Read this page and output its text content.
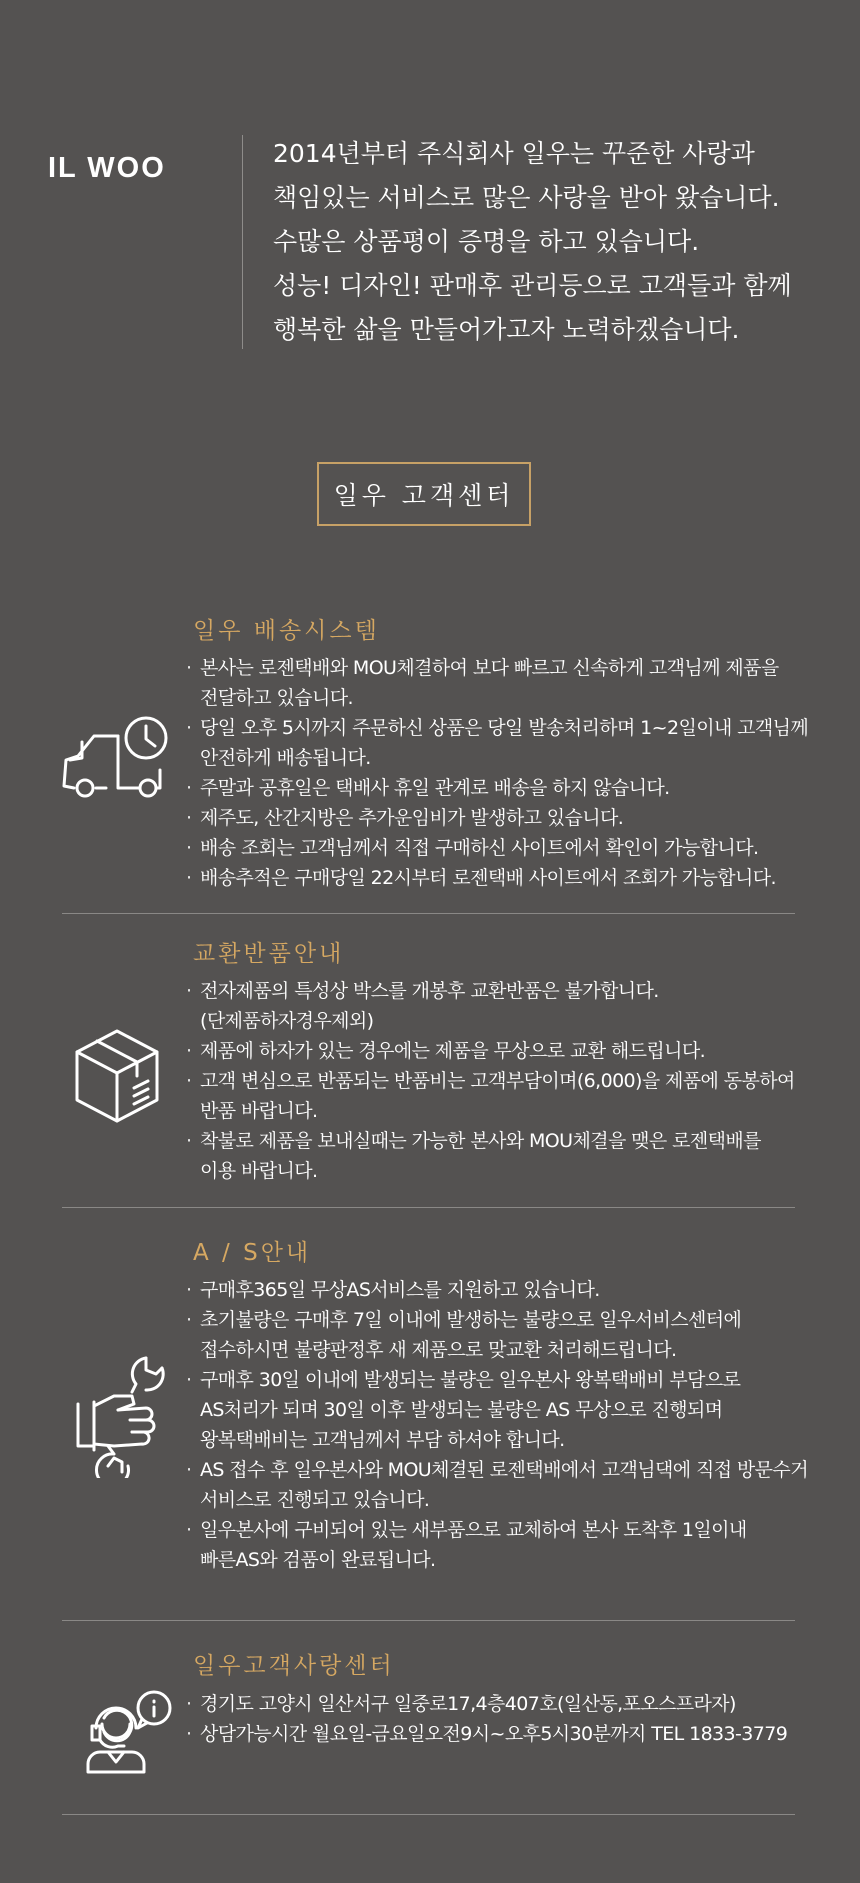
IL WOO	2014년부터 주식회사 일우는 꾸준한 사랑과
책임있는 서비스로 많은 사랑을 받아 왔습니다.
수많은 상품평이 증명을 하고 있습니다.
성능! 디자인! 판매후 관리등으로 고객들과 함께
행복한 삶을 만들어가고자 노력하겠습니다.
일우 고객센터
일우 배송시스템
· 본사는 로젠택배와 MOU체결하여 보다 빠르고 신속하게 고객님께 제품을
전달하고 있습니다.
· 당일 오후 5시까지 주문하신 상품은 당일 발송처리하며 1~2일이내 고객님께
안전하게 배송됩니다.
· 주말과 공휴일은 택배사 휴일 관계로 배송을 하지 않습니다.
· 제주도, 산간지방은 추가운임비가 발생하고 있습니다.
· 배송 조회는 고객님께서 직접 구매하신 사이트에서 확인이 가능합니다.
· 배송추적은 구매당일 22시부터 로젠택배 사이트에서 조회가 가능합니다.
교환반품안내
· 전자제품의 특성상 박스를 개봉후 교환반품은 불가합니다.
(단제품하자경우제외)
· 제품에 하자가 있는 경우에는 제품을 무상으로 교환 해드립니다.
· 고객 변심으로 반품되는 반품비는 고객부담이며(6,000)을 제품에 동봉하여
반품 바랍니다.
· 착불로 제품을 보내실때는 가능한 본사와 MOU체결을 맺은 로젠택배를
이용 바랍니다.
A / S안내
· 구매후365일 무상AS서비스를 지원하고 있습니다.
· 초기불량은 구매후 7일 이내에 발생하는 불량으로 일우서비스센터에
접수하시면 불량판정후 새 제품으로 맞교환 처리해드립니다.
· 구매후 30일 이내에 발생되는 불량은 일우본사 왕복택배비 부담으로
AS처리가 되며 30일 이후 발생되는 불량은 AS 무상으로 진행되며
왕복택배비는 고객님께서 부담 하셔야 합니다.
· AS 접수 후 일우본사와 MOU체결된 로젠택배에서 고객님댁에 직접 방문수거
서비스로 진행되고 있습니다.
· 일우본사에 구비되어 있는 새부품으로 교체하여 본사 도착후 1일이내
빠른AS와 검품이 완료됩니다.
일우고객사랑센터
· 경기도 고양시 일산서구 일중로17,4층407호(일산동,포오스프라자)
· 상담가능시간 월요일-금요일오전9시~오후5시30분까지 TEL 1833-3779
